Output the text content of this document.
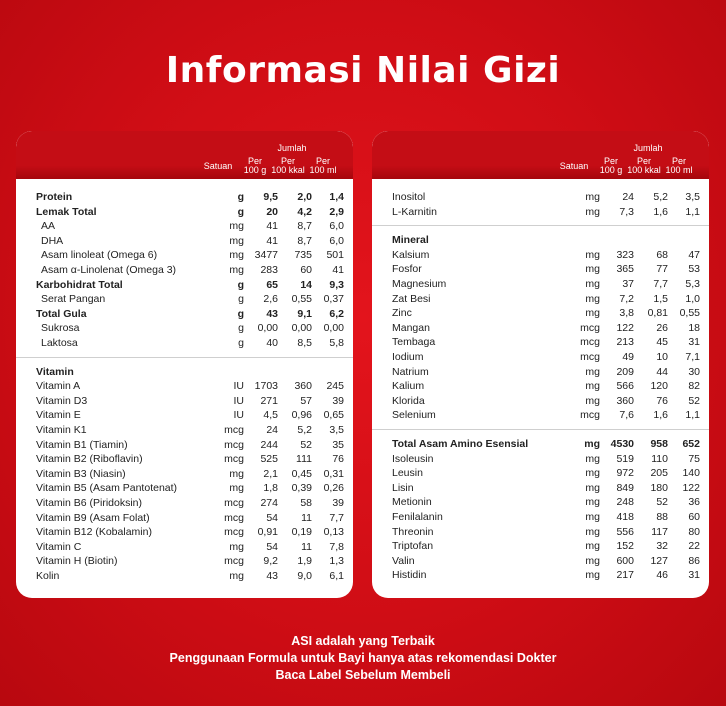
Informasi Nilai Gizi
Jumlah
Satuan	Per
100 g
Per
100 kkal
Per
100 ml
Protein	g	9,5	2,0	1,4
Lemak Total	g	20	4,2	2,9
AA	mg	41	8,7	6,0
DHA	mg	41	8,7	6,0
Asam linoleat (Omega 6)	mg	3477	735	501
Asam α-Linolenat (Omega 3)	mg	283	60	41
Karbohidrat Total	g	65	14	9,3
Serat Pangan	g	2,6	0,55	0,37
Total Gula	g	43	9,1	6,2
Sukrosa	g	0,00	0,00	0,00
Laktosa	g	40	8,5	5,8
Vitamin
Vitamin A	IU	1703	360	245
Vitamin D3	IU	271	57	39
Vitamin E	IU	4,5	0,96	0,65
Vitamin K1	mcg	24	5,2	3,5
Vitamin B1 (Tiamin)	mcg	244	52	35
Vitamin B2 (Riboflavin)	mcg	525	111	76
Vitamin B3 (Niasin)	mg	2,1	0,45	0,31
Vitamin B5 (Asam Pantotenat)	mg	1,8	0,39	0,26
Vitamin B6 (Piridoksin)	mcg	274	58	39
Vitamin B9 (Asam Folat)	mcg	54	11	7,7
Vitamin B12 (Kobalamin)	mcg	0,91	0,19	0,13
Vitamin C	mg	54	11	7,8
Vitamin H (Biotin)	mcg	9,2	1,9	1,3
Kolin	mg	43	9,0	6,1
Jumlah
Satuan	Per
100 g
Per
100 kkal
Per
100 ml
Inositol	mg	24	5,2	3,5
L-Karnitin	mg	7,3	1,6	1,1
Mineral
Kalsium	mg	323	68	47
Fosfor	mg	365	77	53
Magnesium	mg	37	7,7	5,3
Zat Besi	mg	7,2	1,5	1,0
Zinc	mg	3,8	0,81	0,55
Mangan	mcg	122	26	18
Tembaga	mcg	213	45	31
Iodium	mcg	49	10	7,1
Natrium	mg	209	44	30
Kalium	mg	566	120	82
Klorida	mg	360	76	52
Selenium	mcg	7,6	1,6	1,1
Total Asam Amino Esensial	mg	4530	958	652
Isoleusin	mg	519	110	75
Leusin	mg	972	205	140
Lisin	mg	849	180	122
Metionin	mg	248	52	36
Fenilalanin	mg	418	88	60
Threonin	mg	556	117	80
Triptofan	mg	152	32	22
Valin	mg	600	127	86
Histidin	mg	217	46	31
ASI adalah yang Terbaik
Penggunaan Formula untuk Bayi hanya atas rekomendasi Dokter
Baca Label Sebelum Membeli
